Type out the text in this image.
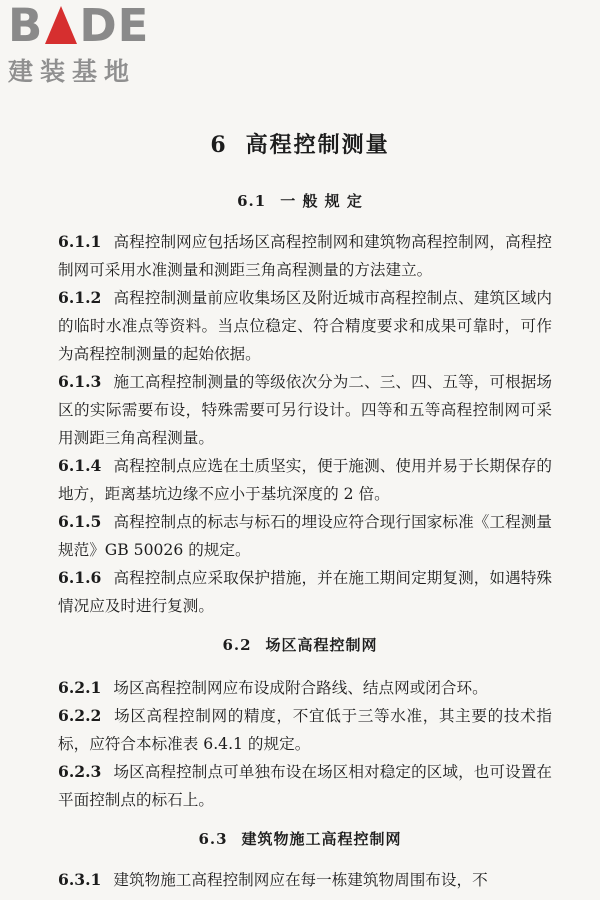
B DE
建装基地
6 高程控制测量
6.1 一 般 规 定
6.1.1 高程控制网应包括场区高程控制网和建筑物高程控制网，高程控制网可采用水准测量和测距三角高程测量的方法建立。
6.1.2 高程控制测量前应收集场区及附近城市高程控制点、建筑区域内的临时水准点等资料。当点位稳定、符合精度要求和成果可靠时，可作为高程控制测量的起始依据。
6.1.3 施工高程控制测量的等级依次分为二、三、四、五等，可根据场区的实际需要布设，特殊需要可另行设计。四等和五等高程控制网可采用测距三角高程测量。
6.1.4 高程控制点应选在土质坚实，便于施测、使用并易于长期保存的地方，距离基坑边缘不应小于基坑深度的 2 倍。
6.1.5 高程控制点的标志与标石的埋设应符合现行国家标准《工程测量规范》GB 50026 的规定。
6.1.6 高程控制点应采取保护措施，并在施工期间定期复测，如遇特殊情况应及时进行复测。
6.2 场区高程控制网
6.2.1 场区高程控制网应布设成附合路线、结点网或闭合环。
6.2.2 场区高程控制网的精度，不宜低于三等水准，其主要的技术指标，应符合本标准表 6.4.1 的规定。
6.2.3 场区高程控制点可单独布设在场区相对稳定的区域，也可设置在平面控制点的标石上。
6.3 建筑物施工高程控制网
6.3.1 建筑物施工高程控制网应在每一栋建筑物周围布设，不
